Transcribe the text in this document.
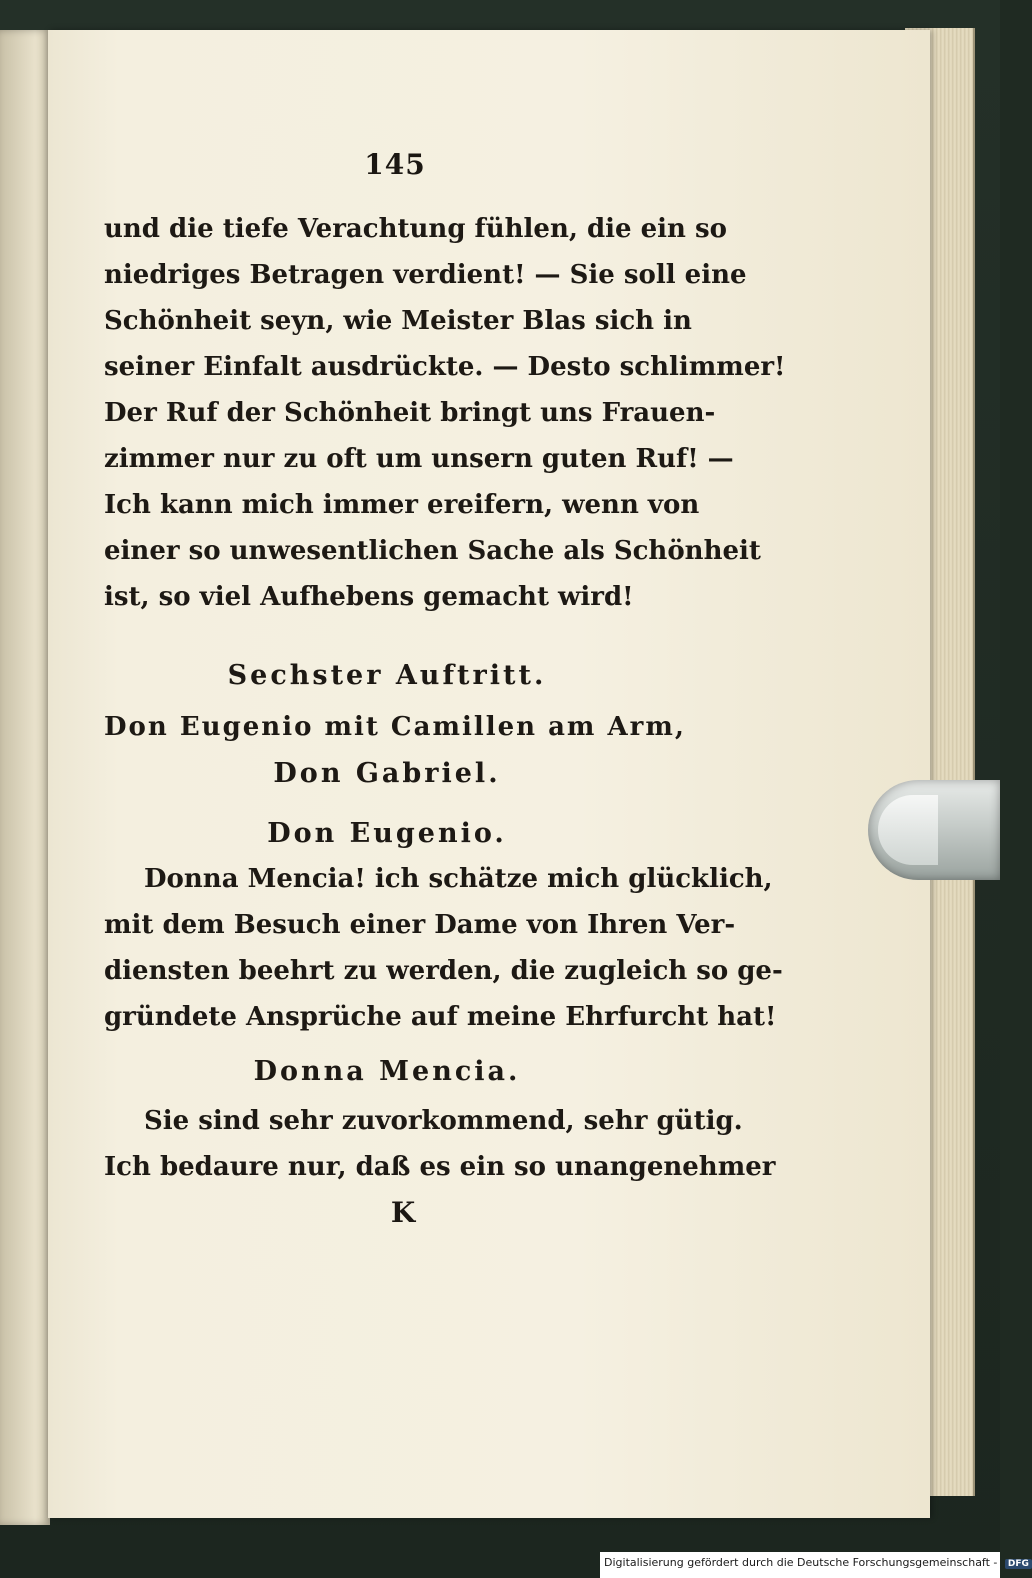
145
und die tiefe Verachtung fühlen, die ein so
niedriges Betragen verdient! — Sie soll eine
Schönheit seyn, wie Meister Blas sich in
seiner Einfalt ausdrückte. — Desto schlimmer!
Der Ruf der Schönheit bringt uns Frauen-
zimmer nur zu oft um unsern guten Ruf! —
Ich kann mich immer ereifern, wenn von
einer so unwesentlichen Sache als Schönheit
ist, so viel Aufhebens gemacht wird!
Sechster Auftritt.
Don Eugenio mit Camillen am Arm,
Don Gabriel.
Don Eugenio.
Donna Mencia! ich schätze mich glücklich,
mit dem Besuch einer Dame von Ihren Ver-
diensten beehrt zu werden, die zugleich so ge-
gründete Ansprüche auf meine Ehrfurcht hat!
Donna Mencia.
Sie sind sehr zuvorkommend, sehr gütig.
Ich bedaure nur, daß es ein so unangenehmer
K
Digitalisierung gefördert durch die Deutsche Forschungsgemeinschaft - DFG
